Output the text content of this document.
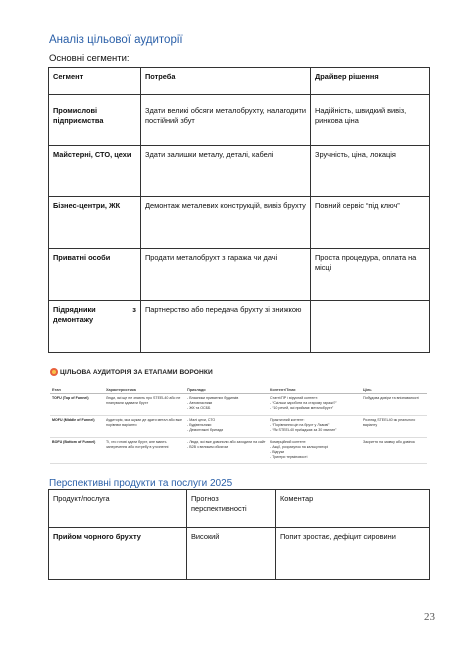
Аналіз цільової аудиторії
Основні сегменти:
Сегмент	Потреба	Драйвер рішення
Промислові підприємства	Здати великі обсяги металобрухту, налагодити постійний збут	Надійність, швидкий вивіз, ринкова ціна
Майстерні, СТО, цехи	Здати залишки металу, деталі, кабелі	Зручність, ціна, локація
Бізнес-центри, ЖК	Демонтаж металевих конструкцій, вивіз брухту	Повний сервіс “під ключ”
Приватні особи	Продати металобрухт з гаража чи дачі	Проста процедура, оплата на місці
Підрядники з демонтажу	Партнерство або передача брухту зі знижкою	
ЦІЛЬОВА АУДИТОРІЯ ЗА ЕТАПАМИ ВОРОНКИ
Етап	Характеристика	Приклади	Контент/Теми	Ціль
TOFU (Top of Funnel)	Люди, які ще не знають про STEEL40 або не планували здавати брухт	- Власники приватних будинків
- Автовласники
- ЖК та ОСББ	Статті/ПР і вірусний контент:
- “Скільки заробити на старому гаражі?”
- “10 речей, які приймає металобрухт”	Побудова довіри та впізнаваності
MOFU (Middle of Funnel)	Аудиторія, яка шукає де здати метал або вже порівнює варіанти	- Малі цехи, СТО
- Будівельники
- Демонтажні бригади	Практичний контент:
- “Порівняння цін на брухт у Львові”
- “Як STEEL40 приїжджає за 30 хвилин”	Розгляд STEEL40 як реального варіанту
BOFU (Bottom of Funnel)	Ті, хто готові здати брухт, але мають заперечення або потребу в уточненні	- Люди, які вже дзвонили або заходили на сайт
- B2B з великим обсягом	Комерційний контент:
- Акції, розрахунок на калькуляторі
- Відгуки
- Тригери терміновості	Закриття на заявку або дзвінок
Перспективні продукти та послуги 2025
Продукт/послуга	Прогноз перспективності	Коментар
Прийом чорного брухту	Високий	Попит зростає, дефіцит сировини
23
